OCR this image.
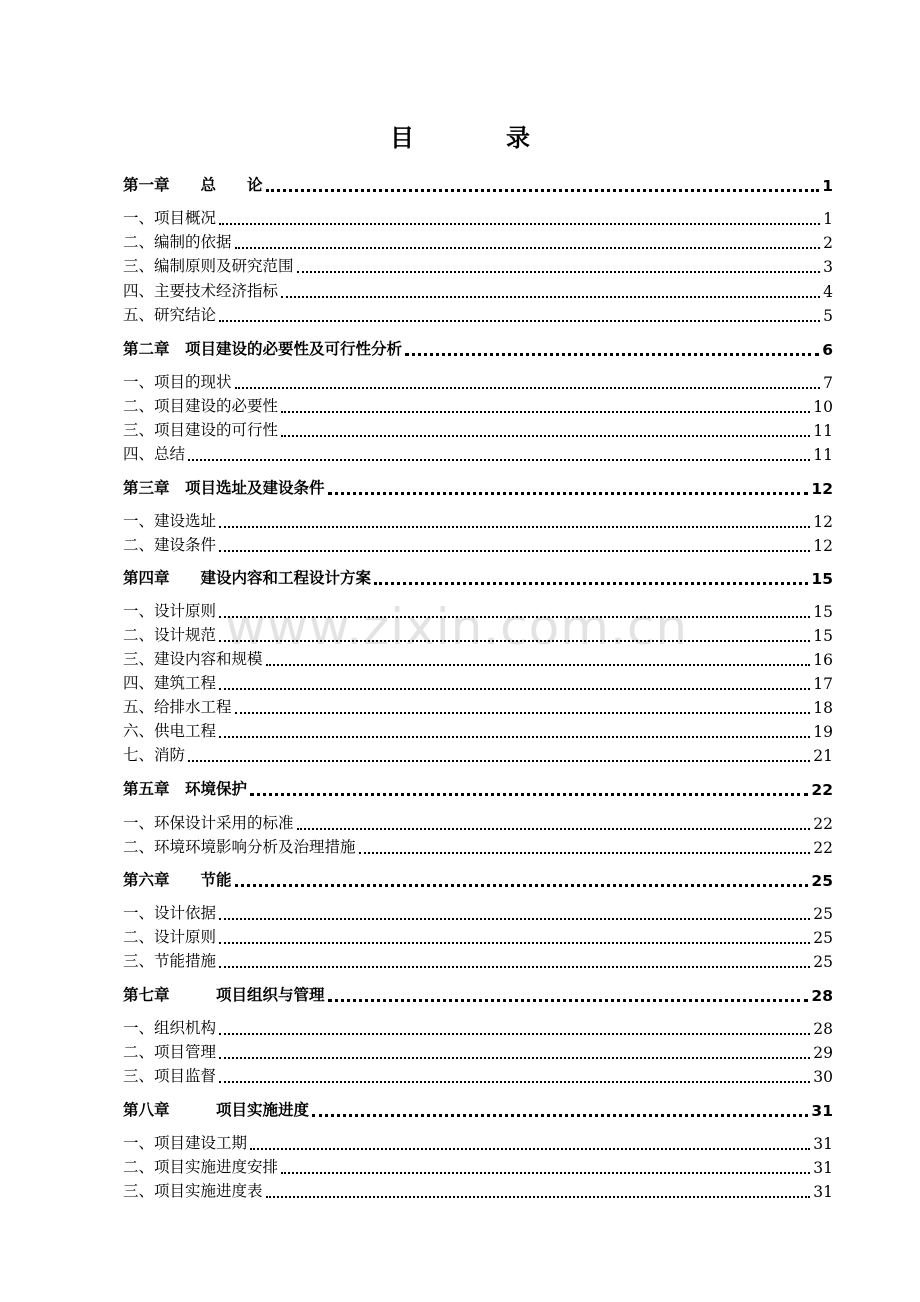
目　录
www.zixin.com.cn
第一章　　总　　论	1
一、项目概况	1
二、编制的依据	2
三、编制原则及研究范围	3
四、主要技术经济指标	4
五、研究结论	5
第二章　项目建设的必要性及可行性分析	6
一、项目的现状	7
二、项目建设的必要性	10
三、项目建设的可行性	11
四、总结	11
第三章　项目选址及建设条件	12
一、建设选址	12
二、建设条件	12
第四章　　建设内容和工程设计方案	15
一、设计原则	15
二、设计规范	15
三、建设内容和规模	16
四、建筑工程	17
五、给排水工程	18
六、供电工程	19
七、消防	21
第五章　环境保护	22
一、环保设计采用的标准	22
二、环境环境影响分析及治理措施	22
第六章　　节能	25
一、设计依据	25
二、设计原则	25
三、节能措施	25
第七章　　　项目组织与管理	28
一、组织机构	28
二、项目管理	29
三、项目监督	30
第八章　　　项目实施进度	31
一、项目建设工期	31
二、项目实施进度安排	31
三、项目实施进度表	31
